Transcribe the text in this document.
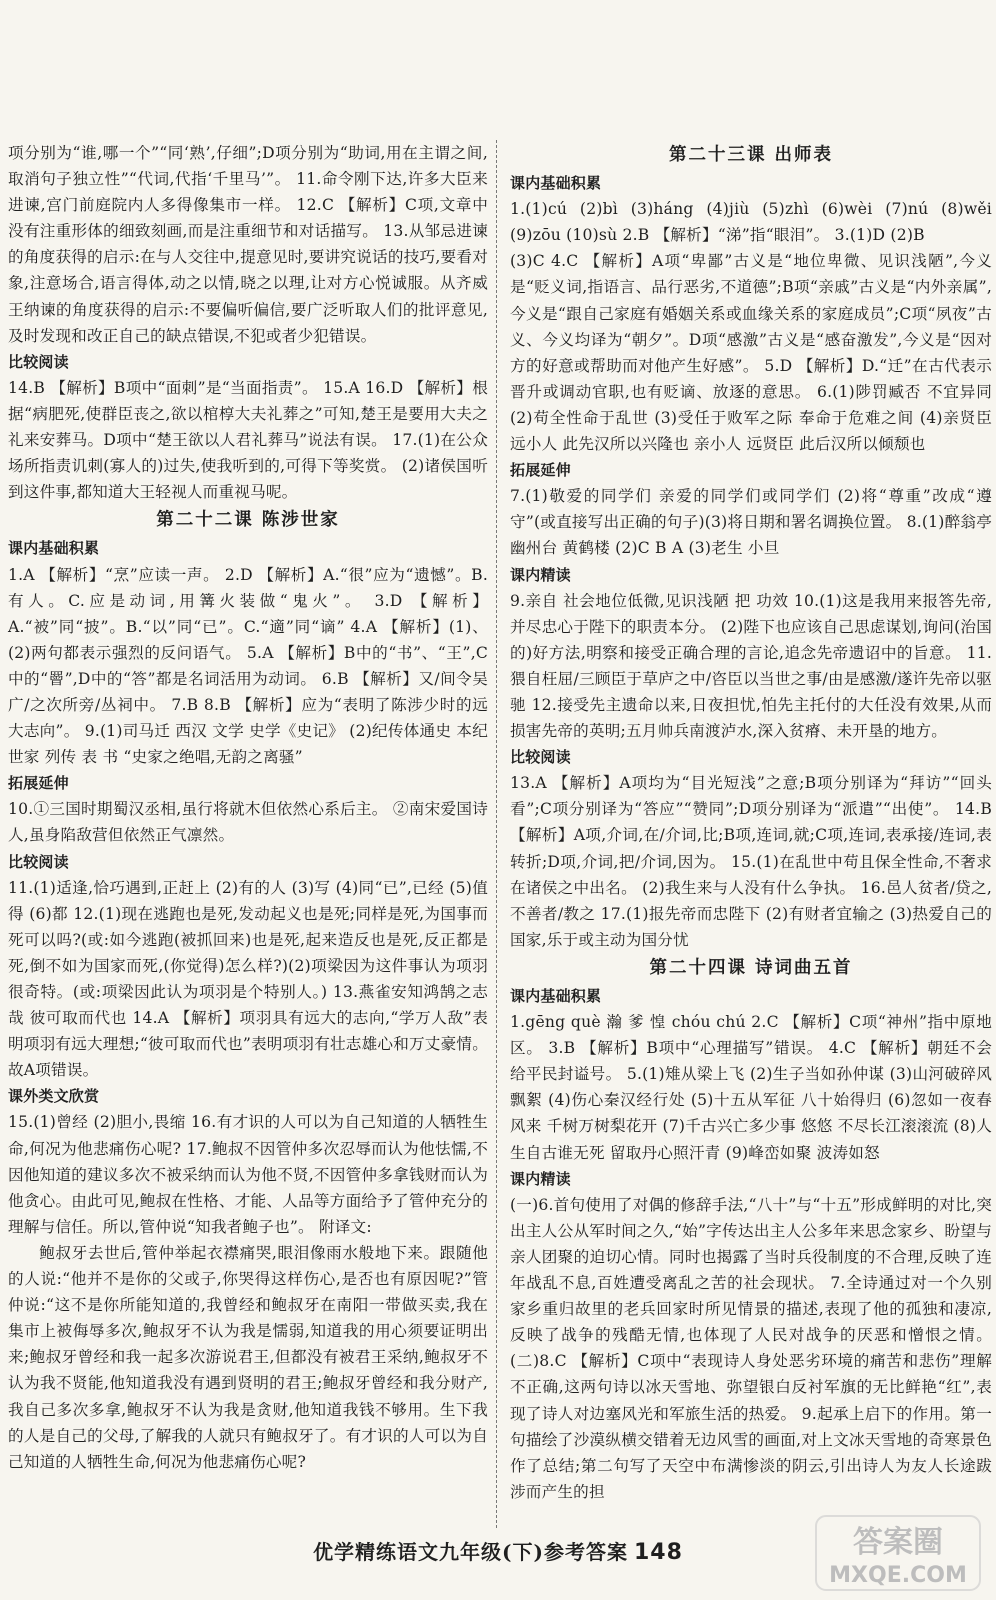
项分别为“谁,哪一个”“同‘熟’,仔细”;D项分别为“助词,用在主谓之间,取消句子独立性”“代词,代指‘千里马’”。 11.命令刚下达,许多大臣来进谏,宫门前庭院内人多得像集市一样。 12.C 【解析】C项,文章中没有注重形体的细致刻画,而是注重细节和对话描写。 13.从邹忌进谏的角度获得的启示:在与人交往中,提意见时,要讲究说话的技巧,要看对象,注意场合,语言得体,动之以情,晓之以理,让对方心悦诚服。从齐威王纳谏的角度获得的启示:不要偏听偏信,要广泛听取人们的批评意见,及时发现和改正自己的缺点错误,不犯或者少犯错误。

比较阅读

14.B 【解析】B项中“面刺”是“当面指责”。 15.A 16.D 【解析】根据“病肥死,使群臣丧之,欲以棺椁大夫礼葬之”可知,楚王是要用大夫之礼来安葬马。D项中“楚王欲以人君礼葬马”说法有误。 17.(1)在公众场所指责讥刺(寡人的)过失,使我听到的,可得下等奖赏。 (2)诸侯国听到这件事,都知道大王轻视人而重视马呢。

第二十二课 陈涉世家
课内基础积累

1.A 【解析】“烹”应读一声。 2.D 【解析】A.“很”应为“遗憾”。B.有人。C.应是动词,用篝火装做“鬼火”。 3.D 【解析】A.“被”同“披”。B.“以”同“已”。C.“適”同“谪” 4.A 【解析】(1)、(2)两句都表示强烈的反问语气。 5.A 【解析】B中的“书”、“王”,C中的“罾”,D中的“答”都是名词活用为动词。 6.B 【解析】又/间令吴广/之次所旁/丛祠中。 7.B 8.B 【解析】应为“表明了陈涉少时的远大志向”。 9.(1)司马迁 西汉 文学 史学《史记》 (2)纪传体通史 本纪 世家 列传 表 书 “史家之绝唱,无韵之离骚”

拓展延伸

10.①三国时期蜀汉丞相,虽行将就木但依然心系后主。 ②南宋爱国诗人,虽身陷敌营但依然正气凛然。

比较阅读

11.(1)适逢,恰巧遇到,正赶上 (2)有的人 (3)写 (4)同“已”,已经 (5)值得 (6)都 12.(1)现在逃跑也是死,发动起义也是死;同样是死,为国事而死可以吗?(或:如今逃跑(被抓回来)也是死,起来造反也是死,反正都是死,倒不如为国家而死,(你觉得)怎么样?)(2)项梁因为这件事认为项羽很奇特。(或:项梁因此认为项羽是个特别人。) 13.燕雀安知鸿鹄之志哉 彼可取而代也 14.A 【解析】项羽具有远大的志向,“学万人敌”表明项羽有远大理想;“彼可取而代也”表明项羽有壮志雄心和万丈豪情。故A项错误。

课外类文欣赏

15.(1)曾经 (2)胆小,畏缩 16.有才识的人可以为自己知道的人牺牲生命,何况为他悲痛伤心呢? 17.鲍叔不因管仲多次忍辱而认为他怯懦,不因他知道的建议多次不被采纳而认为他不贤,不因管仲多拿钱财而认为他贪心。由此可见,鲍叔在性格、才能、人品等方面给予了管仲充分的理解与信任。所以,管仲说“知我者鲍子也”。 附译文:

鲍叔牙去世后,管仲举起衣襟痛哭,眼泪像雨水般地下来。跟随他的人说:“他并不是你的父或子,你哭得这样伤心,是否也有原因呢?”管仲说:“这不是你所能知道的,我曾经和鲍叔牙在南阳一带做买卖,我在集市上被侮辱多次,鲍叔牙不认为我是懦弱,知道我的用心须要证明出来;鲍叔牙曾经和我一起多次游说君王,但都没有被君王采纳,鲍叔牙不认为我不贤能,他知道我没有遇到贤明的君王;鲍叔牙曾经和我分财产,我自己多次多拿,鲍叔牙不认为我是贪财,他知道我钱不够用。生下我的人是自己的父母,了解我的人就只有鲍叔牙了。有才识的人可以为自己知道的人牺牲生命,何况为他悲痛伤心呢?

第二十三课 出师表
课内基础积累

1.(1)cú (2)bì (3)háng (4)jiù (5)zhì (6)wèi (7)nú (8)wěi (9)zōu (10)sù 2.B 【解析】“涕”指“眼泪”。 3.(1)D (2)B

(3)C 4.C 【解析】A项“卑鄙”古义是“地位卑微、见识浅陋”,今义是“贬义词,指语言、品行恶劣,不道德”;B项“亲戚”古义是“内外亲属”,今义是“跟自己家庭有婚姻关系或血缘关系的家庭成员”;C项“夙夜”古义、今义均译为“朝夕”。D项“感激”古义是“感奋激发”,今义是“因对方的好意或帮助而对他产生好感”。 5.D 【解析】D.“迁”在古代表示晋升或调动官职,也有贬谪、放逐的意思。 6.(1)陟罚臧否 不宜异同 (2)苟全性命于乱世 (3)受任于败军之际 奉命于危难之间 (4)亲贤臣 远小人 此先汉所以兴隆也 亲小人 远贤臣 此后汉所以倾颓也

拓展延伸

7.(1)敬爱的同学们 亲爱的同学们或同学们 (2)将“尊重”改成“遵守”(或直接写出正确的句子)(3)将日期和署名调换位置。 8.(1)醉翁亭 幽州台 黄鹤楼 (2)C B A (3)老生 小旦

课内精读

9.亲自 社会地位低微,见识浅陋 把 功效 10.(1)这是我用来报答先帝,并尽忠心于陛下的职责本分。 (2)陛下也应该自己思虑谋划,询问(治国的)好方法,明察和接受正确合理的言论,追念先帝遗诏中的旨意。 11.猥自枉屈/三顾臣于草庐之中/咨臣以当世之事/由是感激/遂许先帝以驱驰 12.接受先主遗命以来,日夜担忧,怕先主托付的大任没有效果,从而损害先帝的英明;五月帅兵南渡泸水,深入贫瘠、未开垦的地方。

比较阅读

13.A 【解析】A项均为“目光短浅”之意;B项分别译为“拜访”“回头看”;C项分别译为“答应”“赞同”;D项分别译为“派遣”“出使”。 14.B 【解析】A项,介词,在/介词,比;B项,连词,就;C项,连词,表承接/连词,表转折;D项,介词,把/介词,因为。 15.(1)在乱世中苟且保全性命,不奢求在诸侯之中出名。 (2)我生来与人没有什么争执。 16.邑人贫者/贷之,不善者/教之 17.(1)报先帝而忠陛下 (2)有财者宜输之 (3)热爱自己的国家,乐于或主动为国分忧

第二十四课 诗词曲五首
课内基础积累

1.gēng què 瀚 爹 惶 chóu chú 2.C 【解析】C项“神州”指中原地区。 3.B 【解析】B项中“心理描写”错误。 4.C 【解析】朝廷不会给平民封谥号。 5.(1)雉从梁上飞 (2)生子当如孙仲谋 (3)山河破碎风飘絮 (4)伤心秦汉经行处 (5)十五从军征 八十始得归 (6)忽如一夜春风来 千树万树梨花开 (7)千古兴亡多少事 悠悠 不尽长江滚滚流 (8)人生自古谁无死 留取丹心照汗青 (9)峰峦如聚 波涛如怒

课内精读

(一)6.首句使用了对偶的修辞手法,“八十”与“十五”形成鲜明的对比,突出主人公从军时间之久,“始”字传达出主人公多年来思念家乡、盼望与亲人团聚的迫切心情。同时也揭露了当时兵役制度的不合理,反映了连年战乱不息,百姓遭受离乱之苦的社会现状。 7.全诗通过对一个久别家乡重归故里的老兵回家时所见情景的描述,表现了他的孤独和凄凉,反映了战争的残酷无情,也体现了人民对战争的厌恶和憎恨之情。 (二)8.C 【解析】C项中“表现诗人身处恶劣环境的痛苦和悲伤”理解不正确,这两句诗以冰天雪地、弥望银白反衬军旗的无比鲜艳“红”,表现了诗人对边塞风光和军旅生活的热爱。 9.起承上启下的作用。第一句描绘了沙漠纵横交错着无边风雪的画面,对上文冰天雪地的奇寒景色作了总结;第二句写了天空中布满惨淡的阴云,引出诗人为友人长途跋涉而产生的担

优学精练语文九年级(下)参考答案 148	答案圈
MXQE.COM
